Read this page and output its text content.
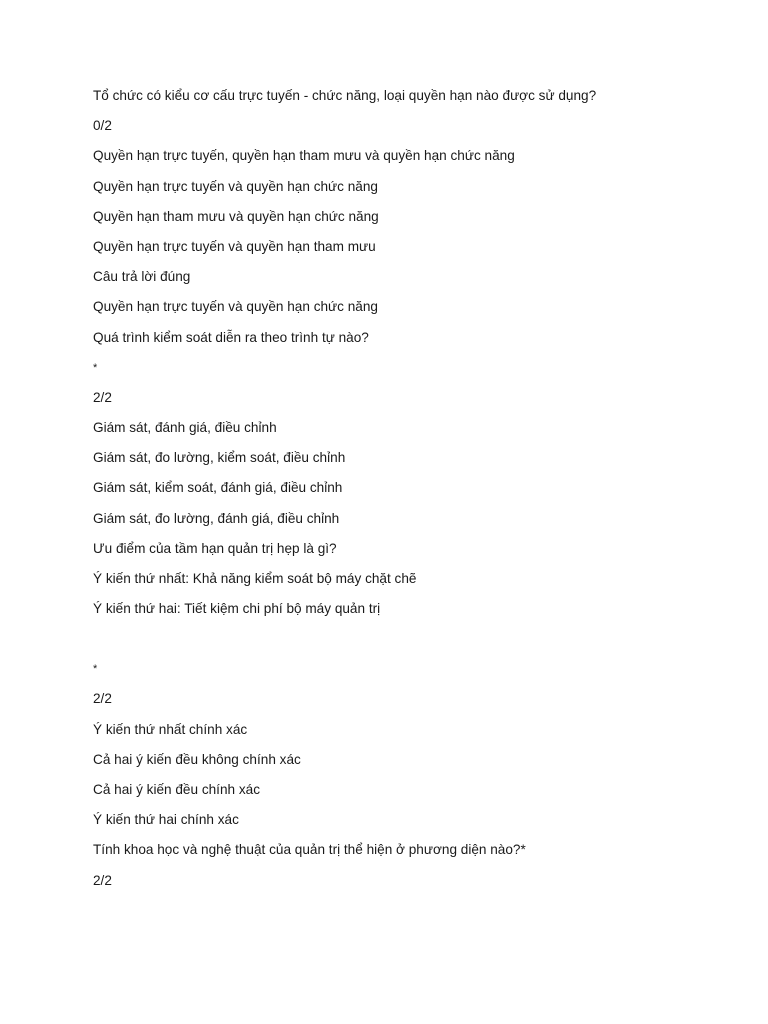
Tổ chức có kiểu cơ cấu trực tuyến - chức năng, loại quyền hạn nào được sử dụng?
0/2
Quyền hạn trực tuyến, quyền hạn tham mưu và quyền hạn chức năng
Quyền hạn trực tuyến và quyền hạn chức năng
Quyền hạn tham mưu và quyền hạn chức năng
Quyền hạn trực tuyến và quyền hạn tham mưu
Câu trả lời đúng
Quyền hạn trực tuyến và quyền hạn chức năng
Quá trình kiểm soát diễn ra theo trình tự nào?
*
2/2
Giám sát, đánh giá, điều chỉnh
Giám sát, đo lường, kiểm soát, điều chỉnh
Giám sát, kiểm soát, đánh giá, điều chỉnh
Giám sát, đo lường, đánh giá, điều chỉnh
Ưu điểm của tầm hạn quản trị hẹp là gì?
Ý kiến thứ nhất: Khả năng kiểm soát bộ máy chặt chẽ
Ý kiến thứ hai: Tiết kiệm chi phí bộ máy quản trị
*
2/2
Ý kiến thứ nhất chính xác
Cả hai ý kiến đều không chính xác
Cả hai ý kiến đều chính xác
Ý kiến thứ hai chính xác
Tính khoa học và nghệ thuật của quản trị thể hiện ở phương diện nào?*
2/2
